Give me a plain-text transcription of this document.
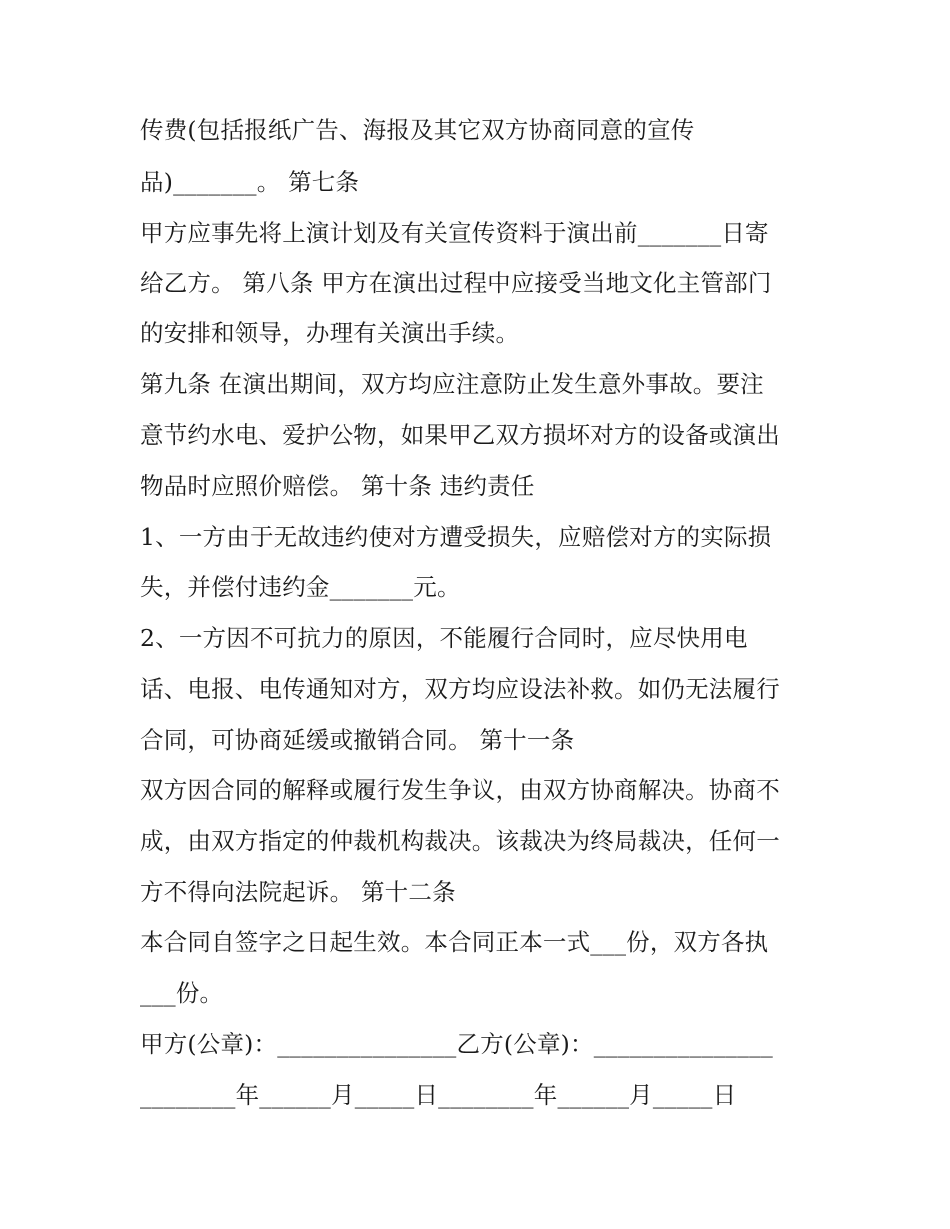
传费(包括报纸广告、海报及其它双方协商同意的宣传
品)_______。 第七条
甲方应事先将上演计划及有关宣传资料于演出前_______日寄
给乙方。 第八条 甲方在演出过程中应接受当地文化主管部门
的安排和领导，办理有关演出手续。
第九条 在演出期间，双方均应注意防止发生意外事故。要注
意节约水电、爱护公物，如果甲乙双方损坏对方的设备或演出
物品时应照价赔偿。 第十条 违约责任
1、一方由于无故违约使对方遭受损失，应赔偿对方的实际损
失，并偿付违约金_______元。
2、一方因不可抗力的原因，不能履行合同时，应尽快用电
话、电报、电传通知对方，双方均应设法补救。如仍无法履行
合同，可协商延缓或撤销合同。 第十一条
双方因合同的解释或履行发生争议，由双方协商解决。协商不
成，由双方指定的仲裁机构裁决。该裁决为终局裁决，任何一
方不得向法院起诉。 第十二条
本合同自签字之日起生效。本合同正本一式___份，双方各执
___份。
甲方(公章)：_______________乙方(公章)：_______________
________年______月_____日________年______月_____日
